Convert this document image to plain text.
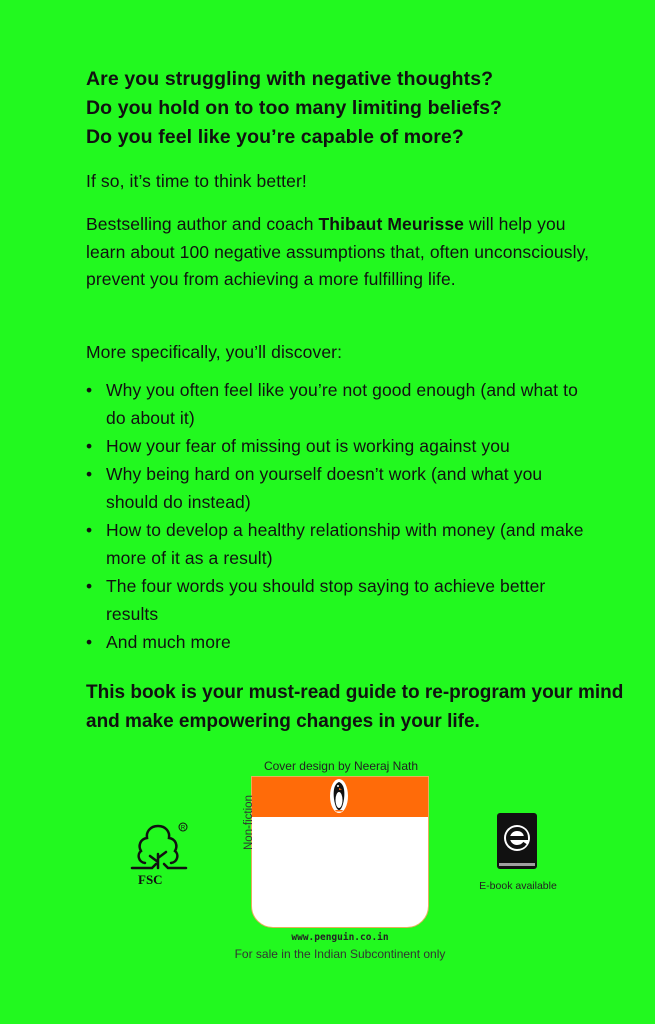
Are you struggling with negative thoughts?
Do you hold on to too many limiting beliefs?
Do you feel like you’re capable of more?
If so, it’s time to think better!
Bestselling author and coach Thibaut Meurisse will help you learn about 100 negative assumptions that, often unconsciously, prevent you from achieving a more fulfilling life.
More specifically, you’ll discover:
• Why you often feel like you’re not good enough (and what to do about it)
• How your fear of missing out is working against you
• Why being hard on yourself doesn’t work (and what you should do instead)
• How to develop a healthy relationship with money (and make more of it as a result)
• The four words you should stop saying to achieve better results
• And much more
This book is your must-read guide to re-program your mind and make empowering changes in your life.
Cover design by Neeraj Nath
Non-fiction
www.penguin.co.in
For sale in the Indian Subcontinent only
R
FSC	E-book available
